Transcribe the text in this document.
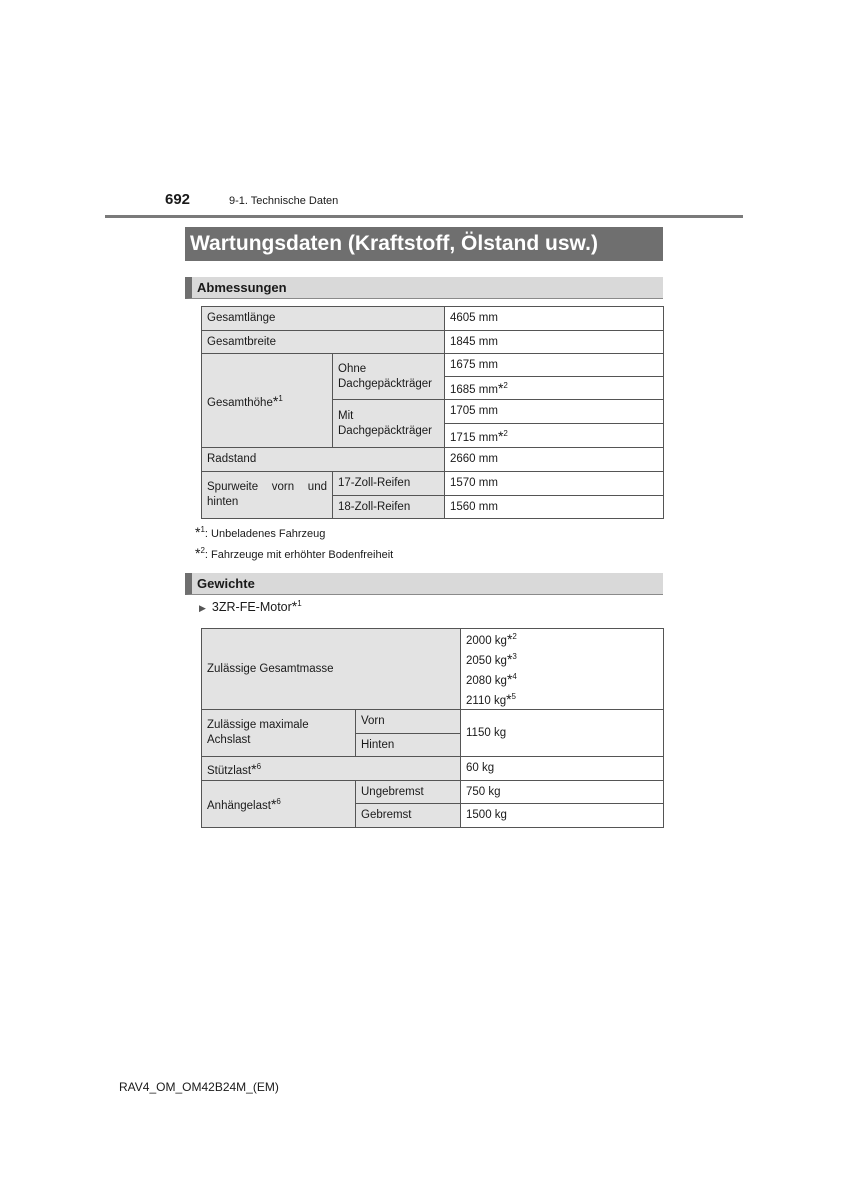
692	9-1. Technische Daten
Wartungsdaten (Kraftstoff, Ölstand usw.)
Abmessungen
Gesamtlänge		4605 mm
Gesamtbreite		1845 mm
Gesamthöhe*$^1$	Ohne Dachgepäckträger	1675 mm
		1685 mm*$^2$
	Mit Dachgepäckträger	1705 mm
		1715 mm*$^2$
Radstand		2660 mm
Spurweite vorn und hinten	17-Zoll-Reifen	1570 mm
	18-Zoll-Reifen	1560 mm
*$^1$: Unbeladenes Fahrzeug
*$^2$: Fahrzeuge mit erhöhter Bodenfreiheit
Gewichte
▶ 3ZR-FE-Motor*$^1$
Zulässige Gesamtmasse		2000 kg*$^2$
2050 kg*$^3$
2080 kg*$^4$
2110 kg*$^5$

Zulässige maximale Achslast	Vorn	1150 kg
	Hinten	
Stützlast*$^6$		60 kg
Anhängelast*$^6$	Ungebremst	750 kg
	Gebremst	1500 kg
RAV4_OM_OM42B24M_(EM)
